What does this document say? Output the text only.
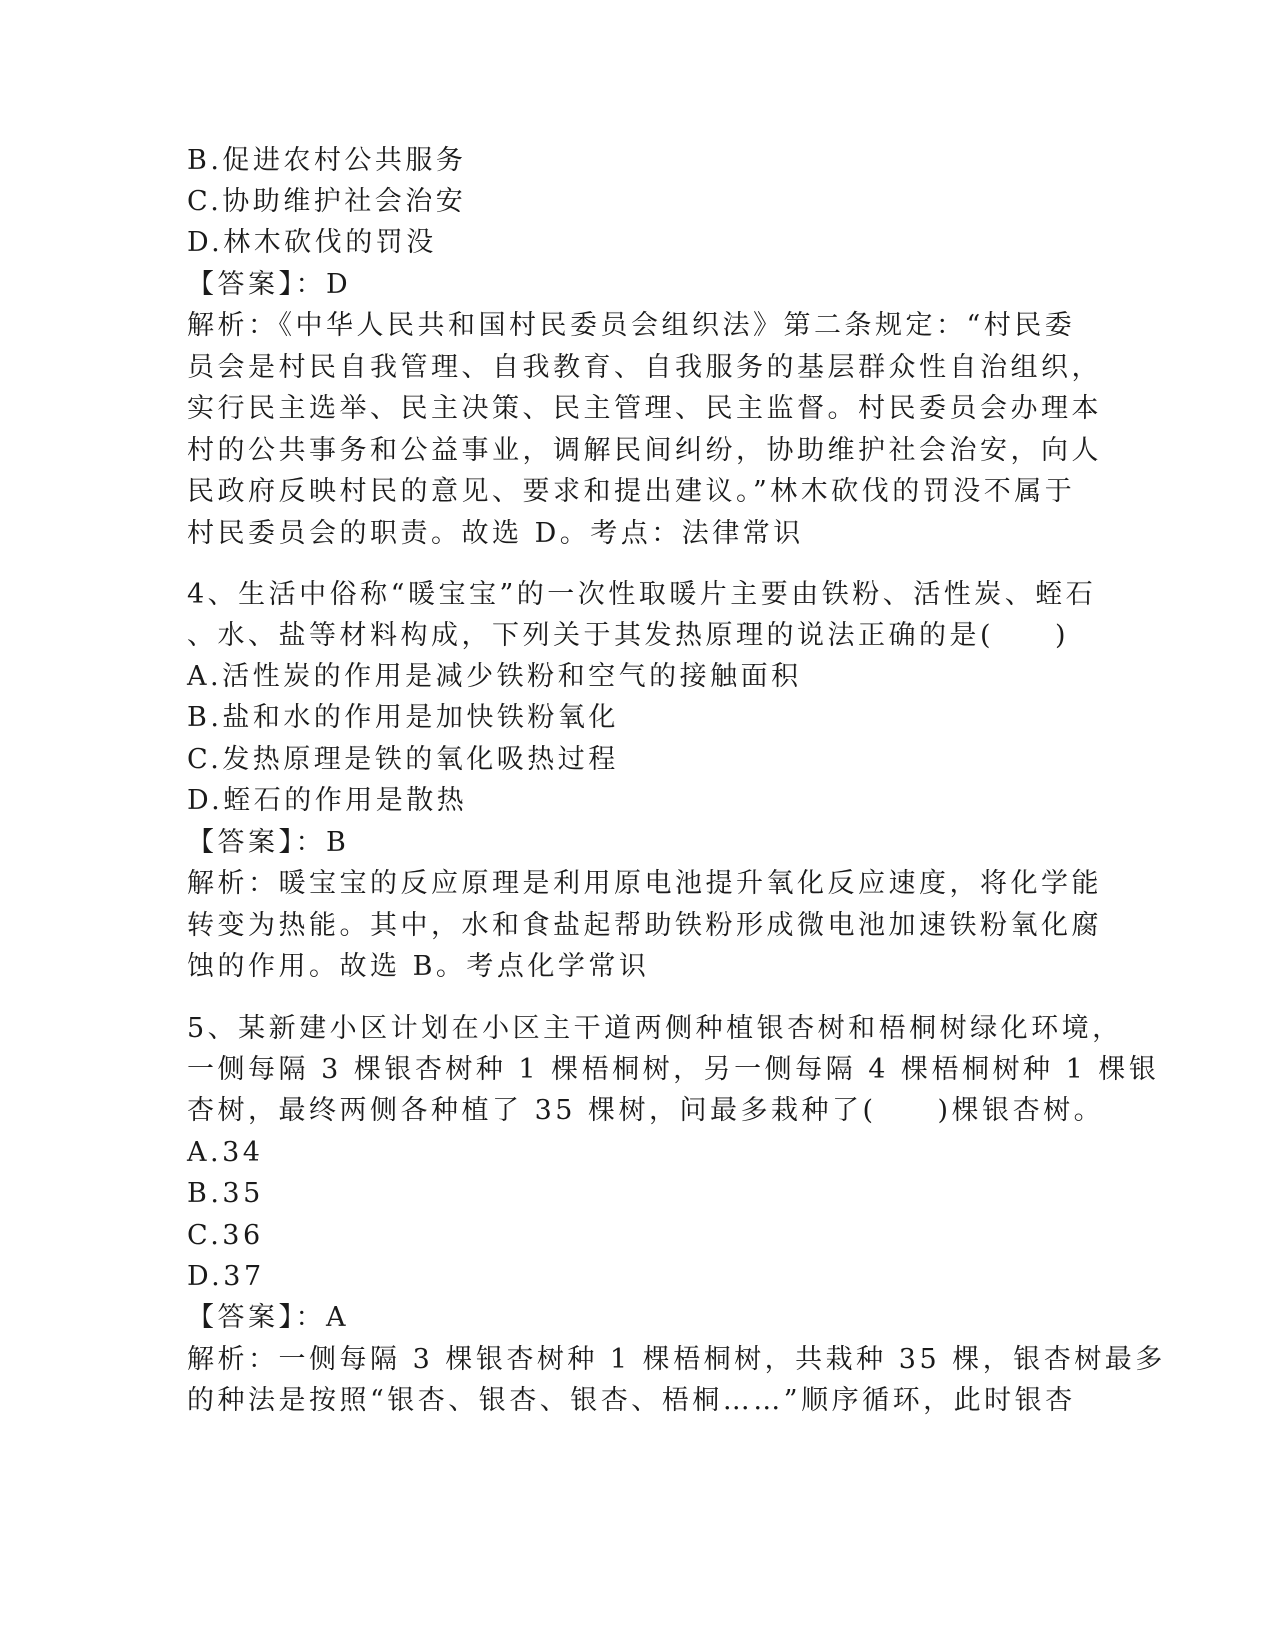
B.促进农村公共服务
C.协助维护社会治安
D.林木砍伐的罚没
【答案】：D
解析：《中华人民共和国村民委员会组织法》第二条规定：“村民委
员会是村民自我管理、自我教育、自我服务的基层群众性自治组织，
实行民主选举、民主决策、民主管理、民主监督。村民委员会办理本
村的公共事务和公益事业，调解民间纠纷，协助维护社会治安，向人
民政府反映村民的意见、要求和提出建议。”林木砍伐的罚没不属于
村民委员会的职责。故选 D。考点：法律常识
4、生活中俗称“暖宝宝”的一次性取暖片主要由铁粉、活性炭、蛭石
、水、盐等材料构成，下列关于其发热原理的说法正确的是(　　)
A.活性炭的作用是减少铁粉和空气的接触面积
B.盐和水的作用是加快铁粉氧化
C.发热原理是铁的氧化吸热过程
D.蛭石的作用是散热
【答案】：B
解析：暖宝宝的反应原理是利用原电池提升氧化反应速度，将化学能
转变为热能。其中，水和食盐起帮助铁粉形成微电池加速铁粉氧化腐
蚀的作用。故选 B。考点化学常识
5、某新建小区计划在小区主干道两侧种植银杏树和梧桐树绿化环境，
一侧每隔 3 棵银杏树种 1 棵梧桐树，另一侧每隔 4 棵梧桐树种 1 棵银
杏树，最终两侧各种植了 35 棵树，问最多栽种了(　　)棵银杏树。
A.34
B.35
C.36
D.37
【答案】：A
解析：一侧每隔 3 棵银杏树种 1 棵梧桐树，共栽种 35 棵，银杏树最多
的种法是按照“银杏、银杏、银杏、梧桐……”顺序循环，此时银杏
